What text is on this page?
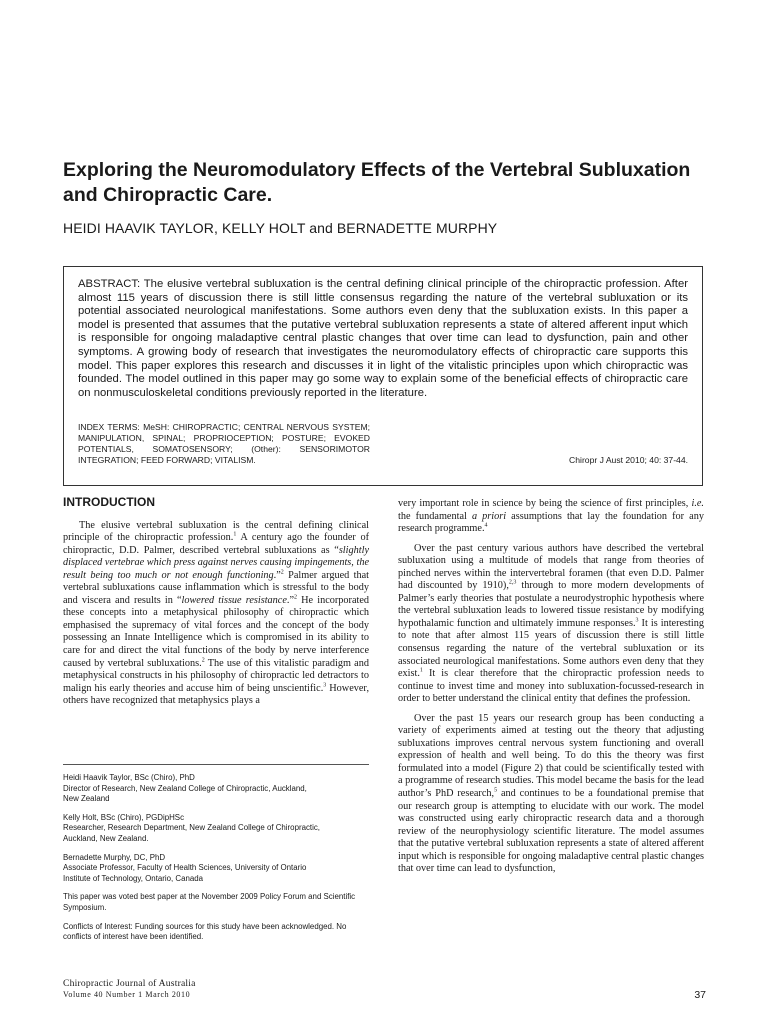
Exploring the Neuromodulatory Effects of the Vertebral Subluxation and Chiropractic Care.
HEIDI HAAVIK TAYLOR, KELLY HOLT and BERNADETTE MURPHY

ABSTRACT: The elusive vertebral subluxation is the central defining clinical principle of the chiropractic profession. After almost 115 years of discussion there is still little consensus regarding the nature of the vertebral subluxation or its potential associated neurological manifestations. Some authors even deny that the subluxation exists. In this paper a model is presented that assumes that the putative vertebral subluxation represents a state of altered afferent input which is responsible for ongoing maladaptive central plastic changes that over time can lead to dysfunction, pain and other symptoms. A growing body of research that investigates the neuromodulatory effects of chiropractic care supports this model. This paper explores this research and discusses it in light of the vitalistic principles upon which chiropractic was founded. The model outlined in this paper may go some way to explain some of the beneficial effects of chiropractic care on nonmusculoskeletal conditions previously reported in the literature.

INDEX TERMS: MeSH: CHIROPRACTIC; CENTRAL NERVOUS SYSTEM; MANIPULATION, SPINAL; PROPRIOCEPTION; POSTURE; EVOKED POTENTIALS, SOMATOSENSORY; (Other): SENSORIMOTOR INTEGRATION; FEED FORWARD; VITALISM.	Chiropr J Aust 2010; 40: 37-44.

INTRODUCTION

The elusive vertebral subluxation is the central defining clinical principle of the chiropractic profession.$^1$ A century ago the founder of chiropractic, D.D. Palmer, described vertebral subluxations as “slightly displaced vertebrae which press against nerves causing impingements, the result being too much or not enough functioning.”$^2$ Palmer argued that vertebral subluxations cause inflammation which is stressful to the body and viscera and results in “lowered tissue resistance.”$^2$ He incorporated these concepts into a metaphysical philosophy of chiropractic which emphasised the supremacy of vital forces and the concept of the body possessing an Innate Intelligence which is compromised in its ability to care for and direct the vital functions of the body by nerve interference caused by vertebral subluxations.$^2$ The use of this vitalistic paradigm and metaphysical constructs in his philosophy of chiropractic led detractors to malign his early theories and accuse him of being unscientific.$^3$ However, others have recognized that metaphysics plays a

Heidi Haavik Taylor, BSc (Chiro), PhD
Director of Research, New Zealand College of Chiropractic, Auckland,
New Zealand

Kelly Holt, BSc (Chiro), PGDipHSc
Researcher, Research Department, New Zealand College of Chiropractic,
Auckland, New Zealand.

Bernadette Murphy, DC, PhD
Associate Professor, Faculty of Health Sciences, University of Ontario
Institute of Technology, Ontario, Canada

This paper was voted best paper at the November 2009 Policy Forum and Scientific Symposium.

Conflicts of Interest: Funding sources for this study have been acknowledged. No conflicts of interest have been identified.

very important role in science by being the science of first principles, i.e. the fundamental a priori assumptions that lay the foundation for any research programme.$^4$

Over the past century various authors have described the vertebral subluxation using a multitude of models that range from theories of pinched nerves within the intervertebral foramen (that even D.D. Palmer had discounted by 1910),$^{2,3}$ through to more modern developments of Palmer’s early theories that postulate a neurodystrophic hypothesis where the vertebral subluxation leads to lowered tissue resistance by modifying hypothalamic function and ultimately immune responses.$^3$ It is interesting to note that after almost 115 years of discussion there is still little consensus regarding the nature of the vertebral subluxation or its associated neurological manifestations. Some authors even deny that they exist.$^1$ It is clear therefore that the chiropractic profession needs to continue to invest time and money into subluxation-focussed-research in order to better understand the clinical entity that defines the profession.

Over the past 15 years our research group has been conducting a variety of experiments aimed at testing out the theory that adjusting subluxations improves central nervous system functioning and overall expression of health and well being. To do this the theory was first formulated into a model (Figure 2) that could be scientifically tested with a programme of research studies. This model became the basis for the lead author’s PhD research,$^5$ and continues to be a foundational premise that our research group is attempting to elucidate with our work. The model was constructed using early chiropractic research data and a thorough review of the neurophysiology scientific literature. The model assumes that the putative vertebral subluxation represents a state of altered afferent input which is responsible for ongoing maladaptive central plastic changes that over time can lead to dysfunction,

Chiropractic Journal of Australia
Volume 40 Number 1 March 2010	37
